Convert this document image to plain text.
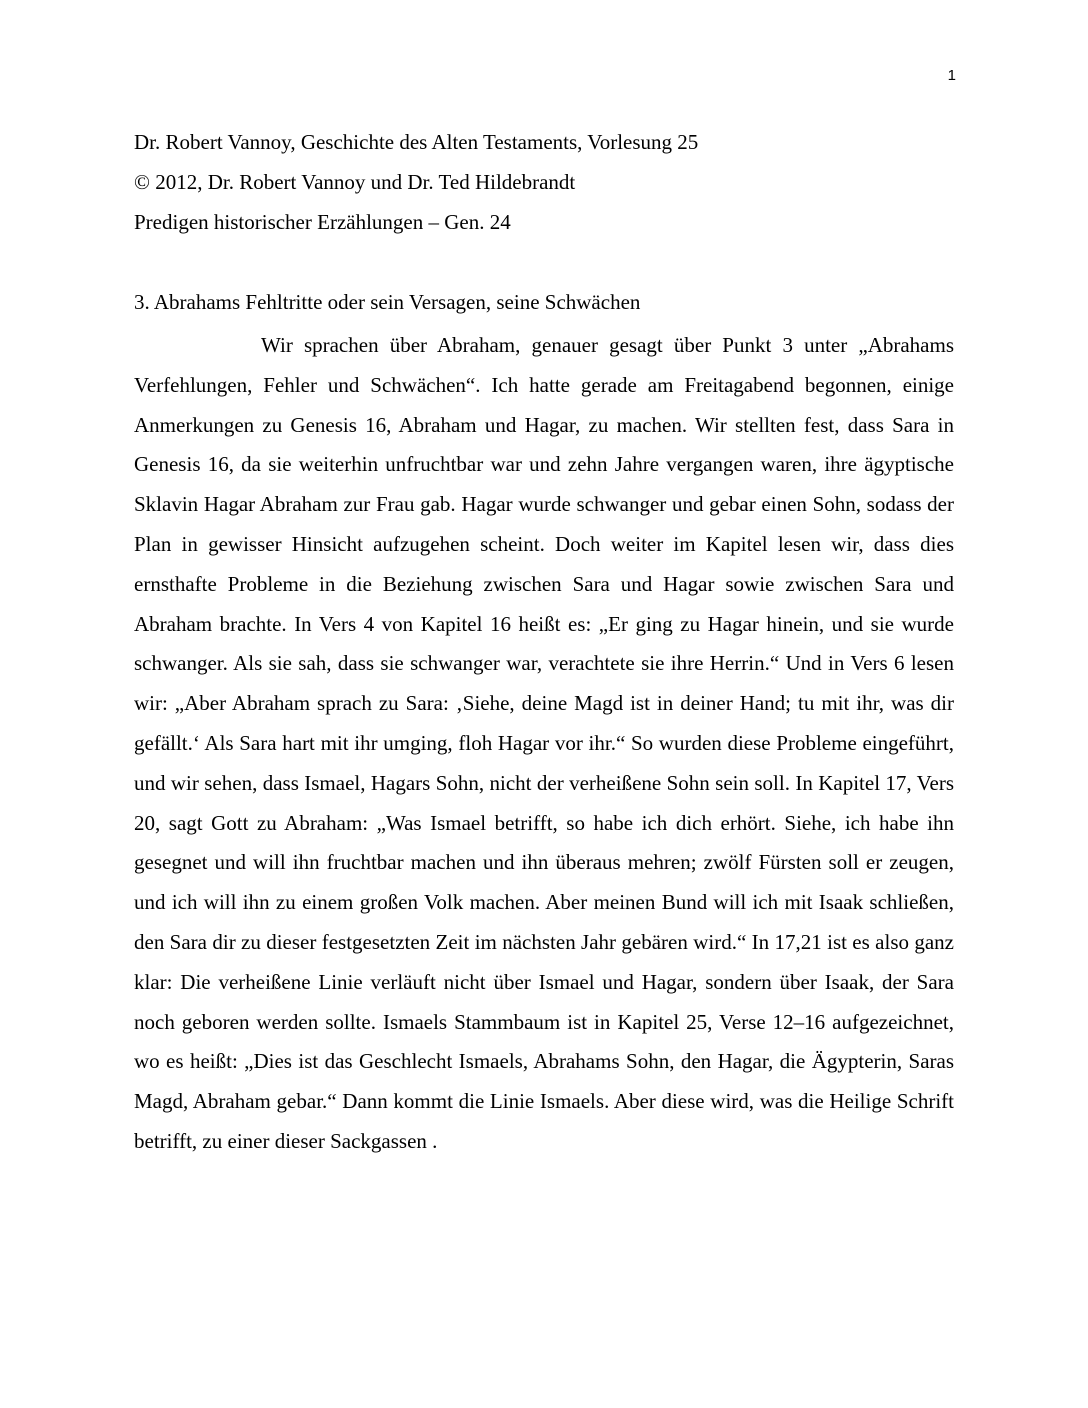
1
Dr. Robert Vannoy, Geschichte des Alten Testaments, Vorlesung 25
© 2012, Dr. Robert Vannoy und Dr. Ted Hildebrandt
Predigen historischer Erzählungen – Gen. 24
3. Abrahams Fehltritte oder sein Versagen, seine Schwächen

Wir sprachen über Abraham, genauer gesagt über Punkt 3 unter „Abrahams Verfehlungen, Fehler und Schwächen“. Ich hatte gerade am Freitagabend begonnen, einige Anmerkungen zu Genesis 16, Abraham und Hagar, zu machen. Wir stellten fest, dass Sara in Genesis 16, da sie weiterhin unfruchtbar war und zehn Jahre vergangen waren, ihre ägyptische Sklavin Hagar Abraham zur Frau gab. Hagar wurde schwanger und gebar einen Sohn, sodass der Plan in gewisser Hinsicht aufzugehen scheint. Doch weiter im Kapitel lesen wir, dass dies ernsthafte Probleme in die Beziehung zwischen Sara und Hagar sowie zwischen Sara und Abraham brachte. In Vers 4 von Kapitel 16 heißt es: „Er ging zu Hagar hinein, und sie wurde schwanger. Als sie sah, dass sie schwanger war, verachtete sie ihre Herrin.“ Und in Vers 6 lesen wir: „Aber Abraham sprach zu Sara: ‚Siehe, deine Magd ist in deiner Hand; tu mit ihr, was dir gefällt.‘ Als Sara hart mit ihr umging, floh Hagar vor ihr.“ So wurden diese Probleme eingeführt, und wir sehen, dass Ismael, Hagars Sohn, nicht der verheißene Sohn sein soll. In Kapitel 17, Vers 20, sagt Gott zu Abraham: „Was Ismael betrifft, so habe ich dich erhört. Siehe, ich habe ihn gesegnet und will ihn fruchtbar machen und ihn überaus mehren; zwölf Fürsten soll er zeugen, und ich will ihn zu einem großen Volk machen. Aber meinen Bund will ich mit Isaak schließen, den Sara dir zu dieser festgesetzten Zeit im nächsten Jahr gebären wird.“ In 17,21 ist es also ganz klar: Die verheißene Linie verläuft nicht über Ismael und Hagar, sondern über Isaak, der Sara noch geboren werden sollte. Ismaels Stammbaum ist in Kapitel 25, Verse 12–16 aufgezeichnet, wo es heißt: „Dies ist das Geschlecht Ismaels, Abrahams Sohn, den Hagar, die Ägypterin, Saras Magd, Abraham gebar.“ Dann kommt die Linie Ismaels. Aber diese wird, was die Heilige Schrift betrifft, zu einer dieser Sackgassen .
